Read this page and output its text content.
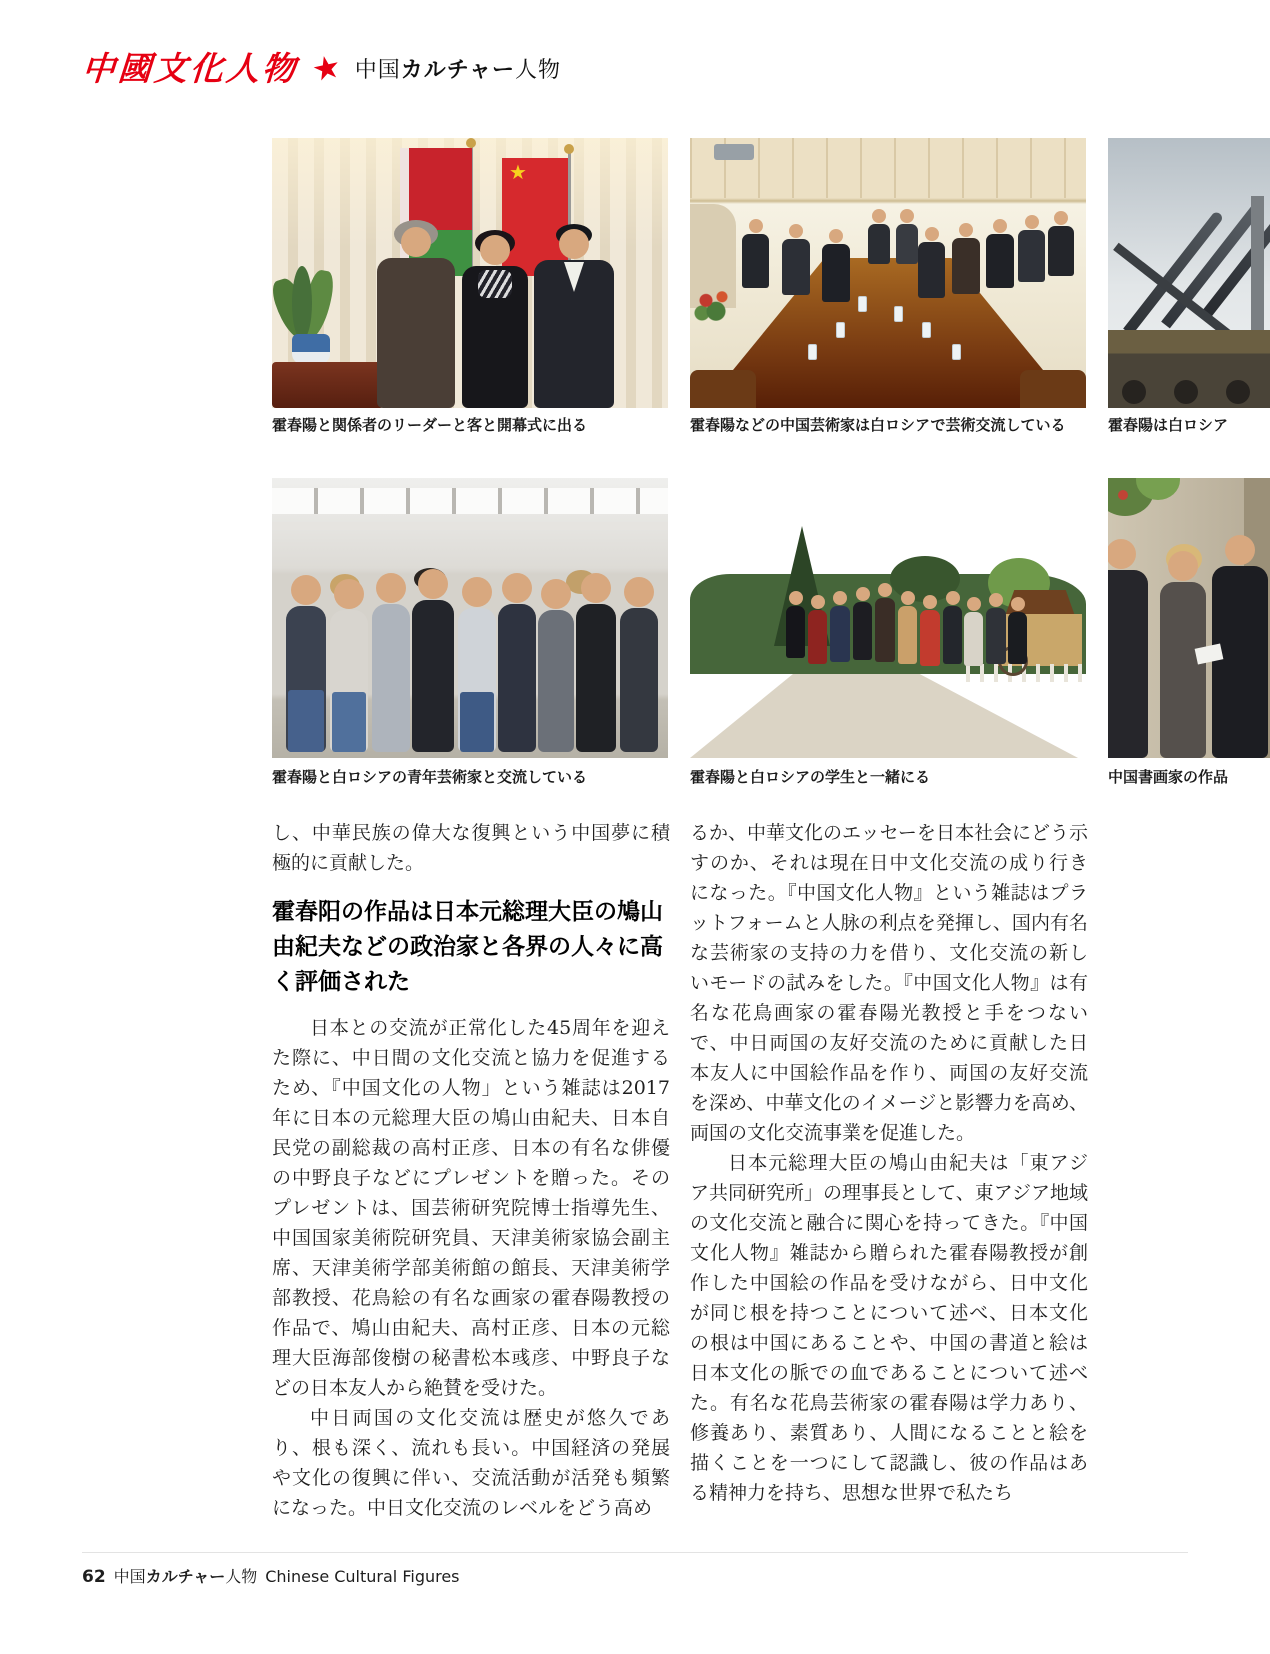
中國文化人物 ★ 中国カルチャー人物
★
霍春陽と関係者のリーダーと客と開幕式に出る	霍春陽などの中国芸術家は白ロシアで芸術交流している	霍春陽は白ロシア
霍春陽と白ロシアの青年芸術家と交流している	霍春陽と白ロシアの学生と一緒にる	中国書画家の作品

し、中華民族の偉大な復興という中国夢に積極的に貢献した。

霍春阳の作品は日本元総理大臣の鳩山由紀夫などの政治家と各界の人々に高く評価された

日本との交流が正常化した45周年を迎えた際に、中日間の文化交流と協力を促進するため、『中国文化の人物」という雑誌は2017年に日本の元総理大臣の鳩山由紀夫、日本自民党の副総裁の高村正彦、日本の有名な俳優の中野良子などにプレゼントを贈った。そのプレゼントは、国芸術研究院博士指導先生、中国国家美術院研究員、天津美術家協会副主席、天津美術学部美術館の館長、天津美術学部教授、花鳥絵の有名な画家の霍春陽教授の作品で、鳩山由紀夫、高村正彦、日本の元総理大臣海部俊樹の秘書松本彧彦、中野良子などの日本友人から絶賛を受けた。

中日両国の文化交流は歴史が悠久であり、根も深く、流れも長い。中国経済の発展や文化の復興に伴い、交流活動が活発も頻繁になった。中日文化交流のレベルをどう高め

るか、中華文化のエッセーを日本社会にどう示すのか、それは現在日中文化交流の成り行きになった。『中国文化人物』という雑誌はプラットフォームと人脉の利点を発揮し、国内有名な芸術家の支持の力を借り、文化交流の新しいモードの試みをした。『中国文化人物』は有名な花鳥画家の霍春陽光教授と手をつないで、中日両国の友好交流のために貢献した日本友人に中国絵作品を作り、両国の友好交流を深め、中華文化のイメージと影響力を高め、両国の文化交流事業を促進した。

日本元総理大臣の鳩山由紀夫は「東アジア共同研究所」の理事長として、東アジア地域の文化交流と融合に関心を持ってきた。『中国文化人物』雑誌から贈られた霍春陽教授が創作した中国絵の作品を受けながら、日中文化が同じ根を持つことについて述べ、日本文化の根は中国にあることや、中国の書道と絵は日本文化の脈での血であることについて述べた。有名な花鳥芸術家の霍春陽は学力あり、修養あり、素質あり、人間になることと絵を描くことを一つにして認識し、彼の作品はある精神力を持ち、思想な世界で私たち

62 中国カルチャー人物 Chinese Cultural Figures
